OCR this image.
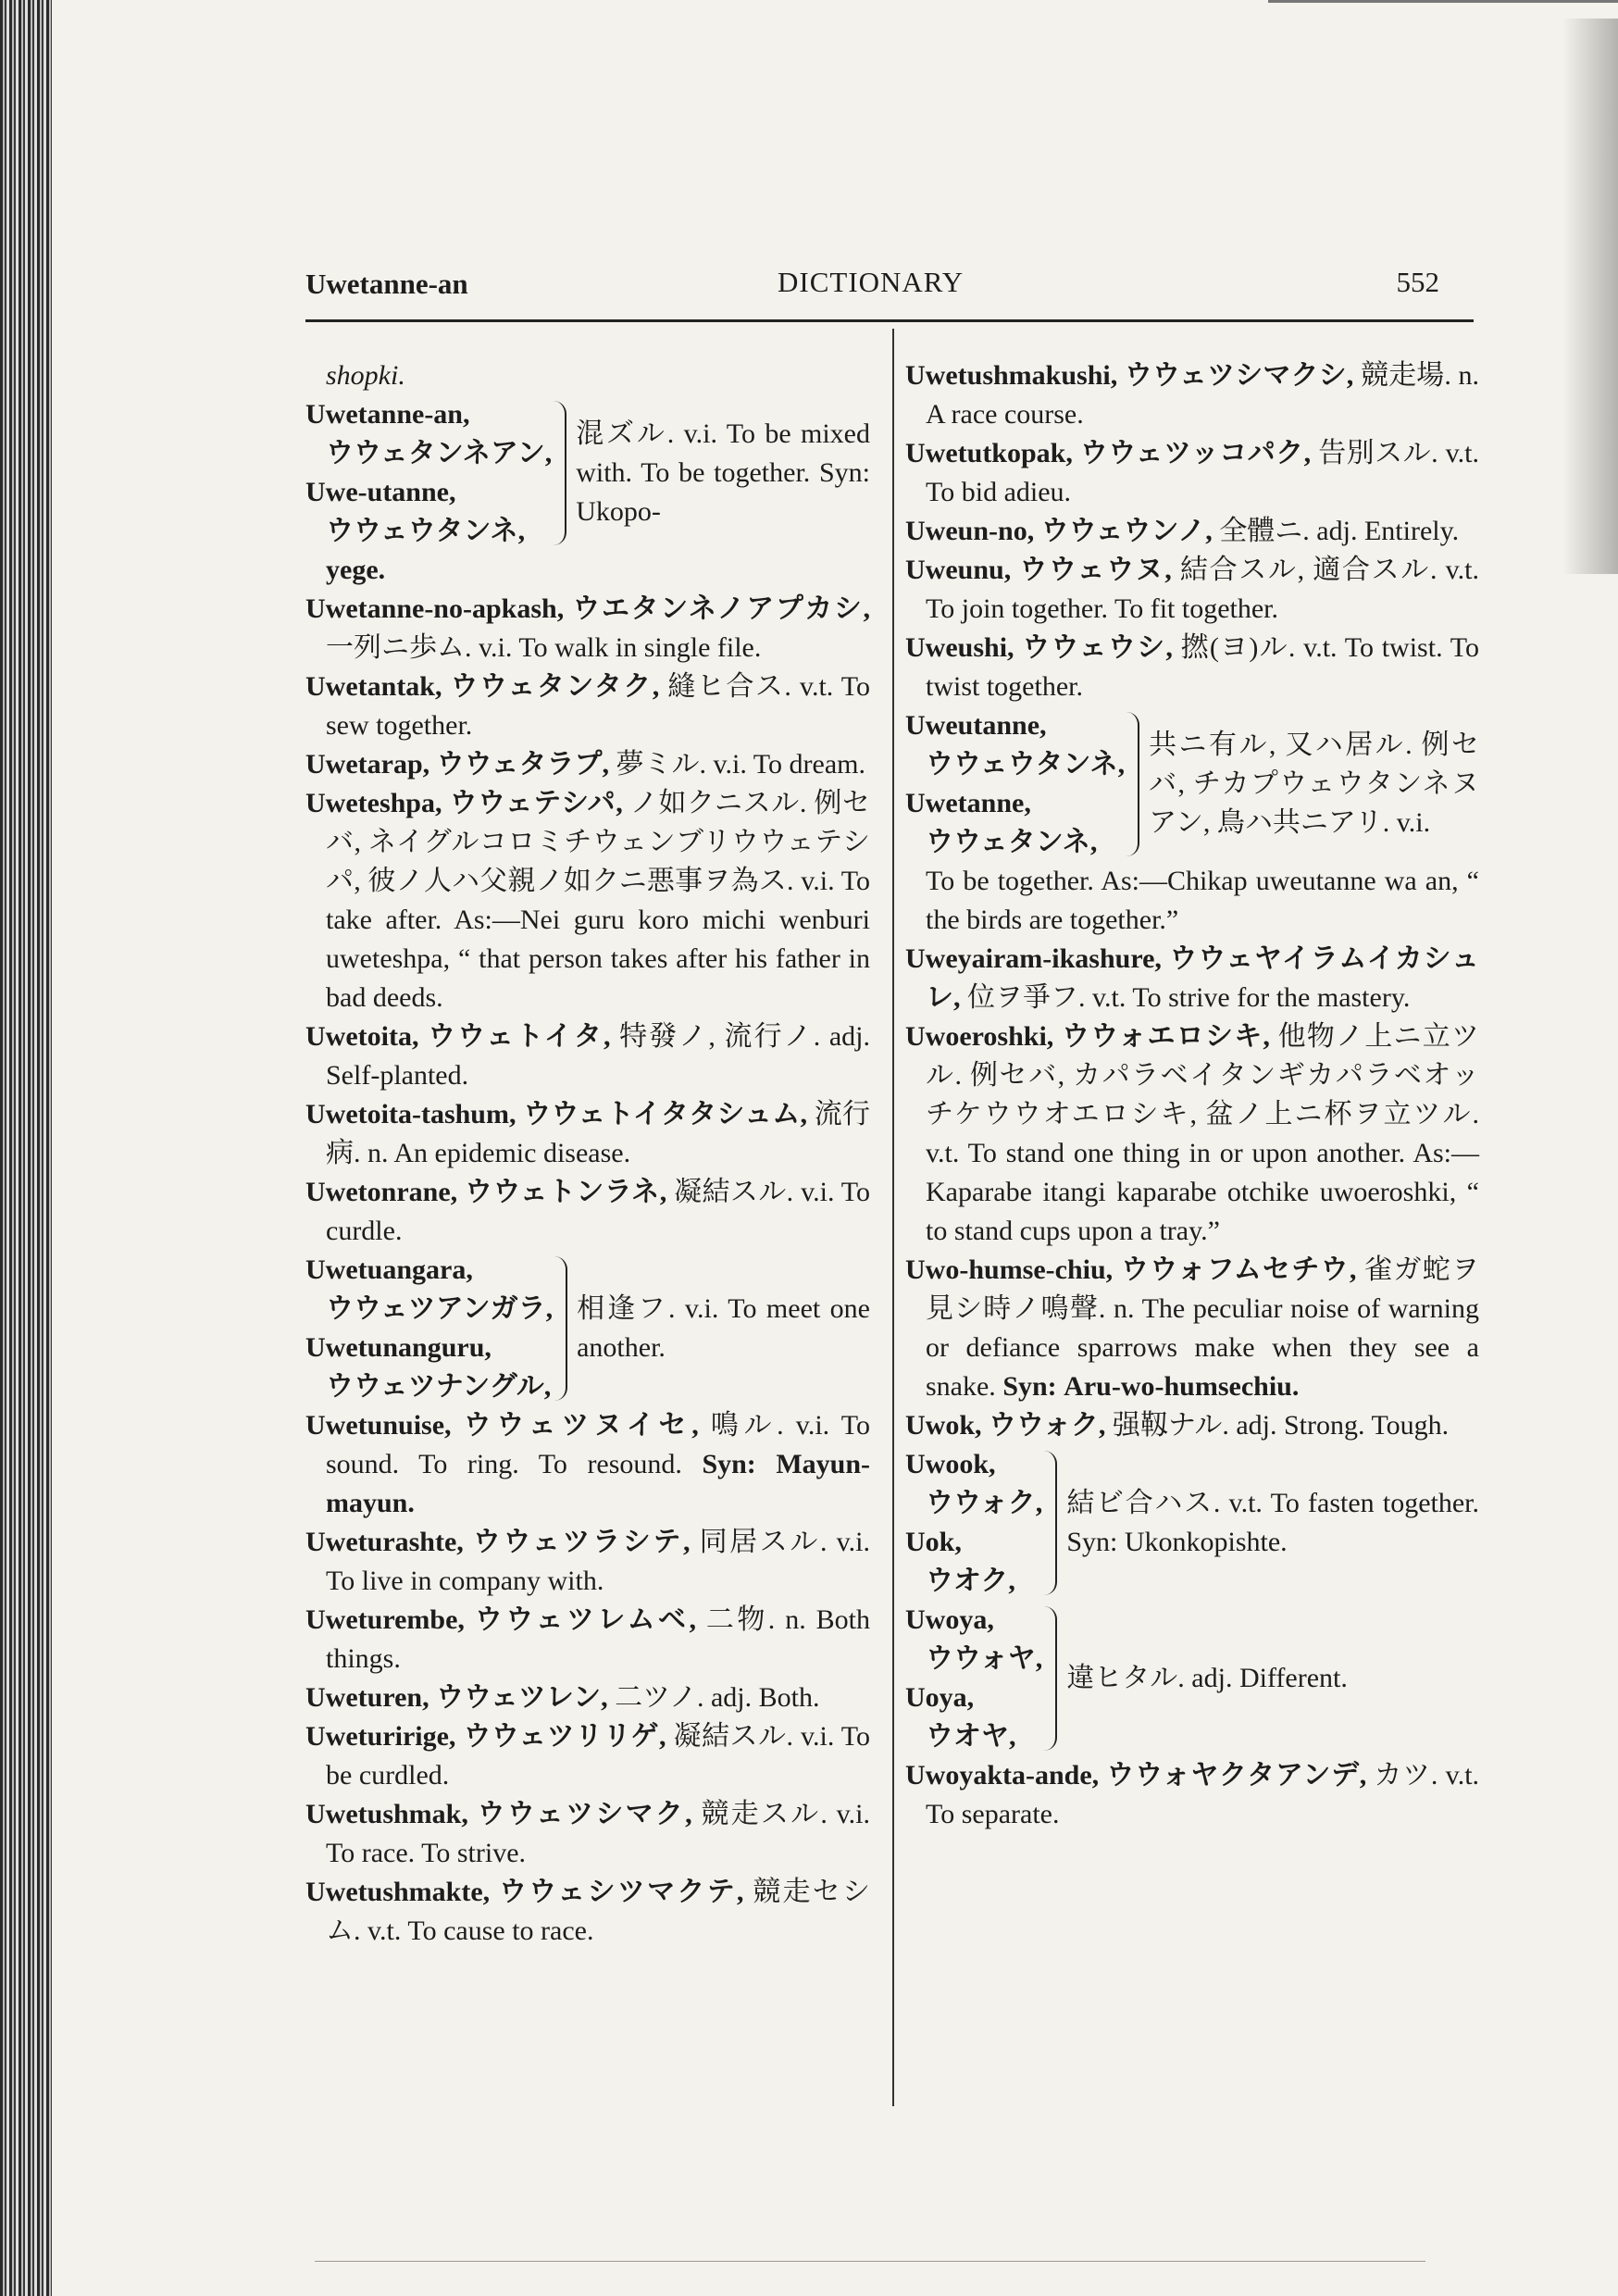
Uwetanne-an	DICTIONARY	552

shopki.

Uwetanne-an,
ウウェタンネアン,
Uwe-utanne,
ウウェウタンネ,
混ズル. v.i. To be mixed with. To be together. Syn: Ukopo-

yege.

Uwetanne-no-apkash, ウエタンネノアプカシ, 一列ニ歩ム. v.i. To walk in single file.

Uwetantak, ウウェタンタク, 縫ヒ合ス. v.t. To sew together.

Uwetarap, ウウェタラプ, 夢ミル. v.i. To dream.

Uweteshpa, ウウェテシパ, ノ如クニスル. 例セバ, ネイグルコロミチウェンブリウウェテシパ, 彼ノ人ハ父親ノ如クニ悪事ヲ為ス. v.i. To take after. As:—Nei guru koro michi wenburi uweteshpa, “ that person takes after his father in bad deeds.

Uwetoita, ウウェトイタ, 特發ノ, 流行ノ. adj. Self-planted.

Uwetoita-tashum, ウウェトイタタシュム, 流行病. n. An epidemic disease.

Uwetonrane, ウウェトンラネ, 凝結スル. v.i. To curdle.

Uwetuangara,
ウウェツアンガラ,
Uwetunanguru,
ウウェツナングル,
相逢フ. v.i. To meet one another.

Uwetunuise, ウウェツヌイセ, 鳴ル. v.i. To sound. To ring. To resound. Syn: Mayun-mayun.

Uweturashte, ウウェツラシテ, 同居スル. v.i. To live in company with.

Uweturembe, ウウェツレムベ, 二物. n. Both things.

Uweturen, ウウェツレン, 二ツノ. adj. Both.

Uweturirige, ウウェツリリゲ, 凝結スル. v.i. To be curdled.

Uwetushmak, ウウェツシマク, 競走スル. v.i. To race. To strive.

Uwetushmakte, ウウェシツマクテ, 競走セシム. v.t. To cause to race.

Uwetushmakushi, ウウェツシマクシ, 競走場. n. A race course.

Uwetutkopak, ウウェツッコパク, 告別スル. v.t. To bid adieu.

Uweun-no, ウウェウンノ, 全體ニ. adj. Entirely.

Uweunu, ウウェウヌ, 結合スル, 適合スル. v.t. To join together. To fit together.

Uweushi, ウウェウシ, 撚(ヨ)ル. v.t. To twist. To twist together.

Uweutanne,
ウウェウタンネ,
Uwetanne,
ウウェタンネ,
共ニ有ル, 又ハ居ル. 例セバ, チカプウェウタンネヌアン, 鳥ハ共ニアリ. v.i.

To be together. As:—Chikap uweutanne wa an, “ the birds are together.”

Uweyairam-ikashure, ウウェヤイラムイカシュレ, 位ヲ爭フ. v.t. To strive for the mastery.

Uwoeroshki, ウウォエロシキ, 他物ノ上ニ立ツル. 例セバ, カパラベイタンギカパラベオッチケウウオエロシキ, 盆ノ上ニ杯ヲ立ツル. v.t. To stand one thing in or upon another. As:—Kaparabe itangi kaparabe otchike uwoeroshki, “ to stand cups upon a tray.”

Uwo-humse-chiu, ウウォフムセチウ, 雀ガ蛇ヲ見シ時ノ鳴聲. n. The peculiar noise of warning or defiance sparrows make when they see a snake. Syn: Aru-wo-humsechiu.

Uwok, ウウォク, 强靱ナル. adj. Strong. Tough.

Uwook,
ウウォク,
Uok,
ウオク,
結ビ合ハス. v.t. To fasten together. Syn: Ukonkopishte.
Uwoya,
ウウォヤ,
Uoya,
ウオヤ,
違ヒタル. adj. Different.

Uwoyakta-ande, ウウォヤクタアンデ, カツ. v.t. To separate.
